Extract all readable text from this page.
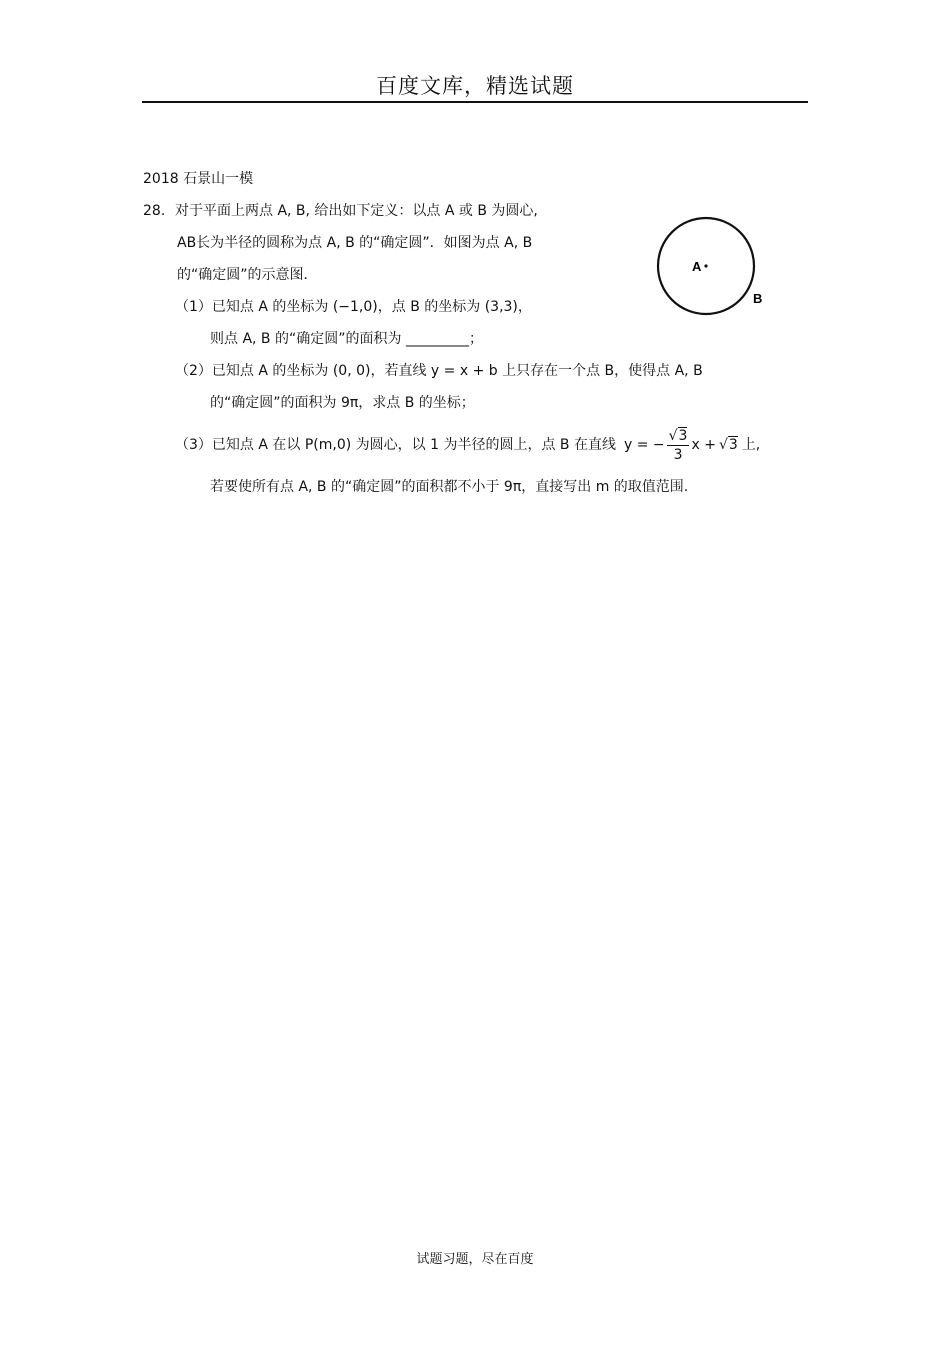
百度文库，精选试题
2018 石景山一模
28. 对于平面上两点 A, B, 给出如下定义：以点 A 或 B 为圆心,
AB长为半径的圆称为点 A, B 的“确定圆”．如图为点 A, B
的“确定圆”的示意图．
A
B
（1）已知点 A 的坐标为 (−1,0)，点 B 的坐标为 (3,3)，
则点 A, B 的“确定圆”的面积为 _________；
（2）已知点 A 的坐标为 (0, 0)，若直线 y = x + b 上只存在一个点 B，使得点 A, B
的“确定圆”的面积为 9π，求点 B 的坐标；
（3）已知点 A 在以 P(m,0) 为圆心，以 1 为半径的圆上，点 B 在直线 y = − $\frac{√3}{3}$ x + √3 上,
若要使所有点 A, B 的“确定圆”的面积都不小于 9π，直接写出 m 的取值范围.
试题习题，尽在百度
